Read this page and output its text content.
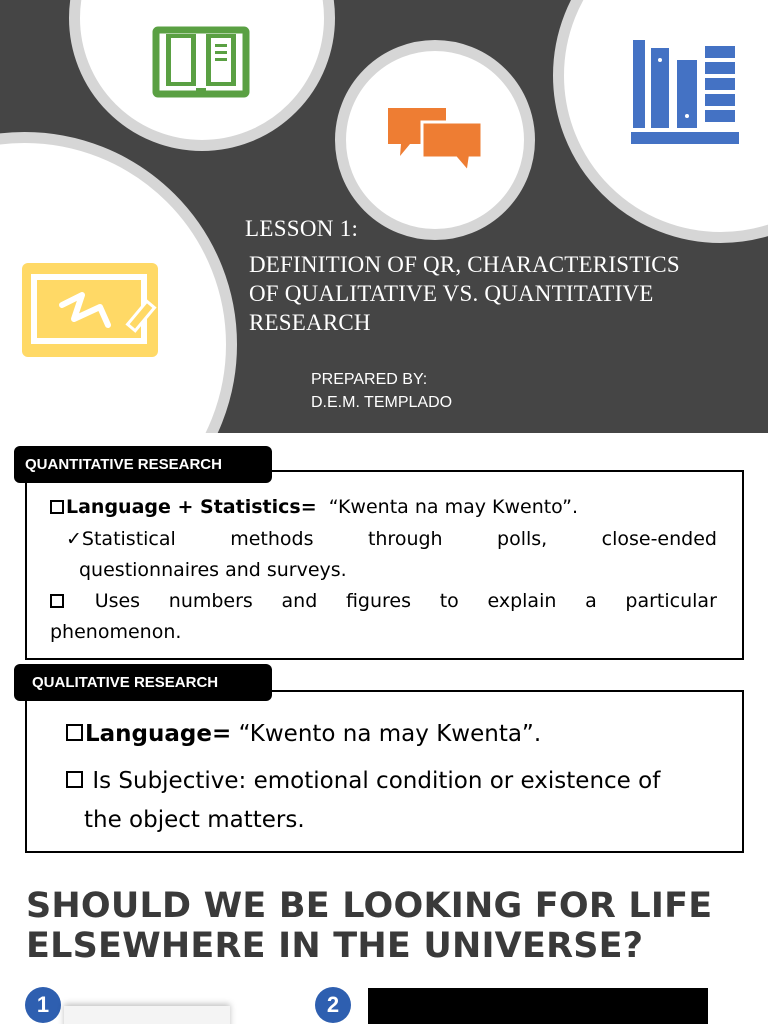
LESSON 1:
DEFINITION OF QR, CHARACTERISTICS
OF QUALITATIVE VS. QUANTITATIVE
RESEARCH
PREPARED BY:
D.E.M. TEMPLADO
QUANTITATIVE RESEARCH
Language + Statistics= “Kwenta na may Kwento”.
✓Statistical	methods	through	polls,	close-ended
questionnaires and surveys.
Uses numbers and figures to explain a particular
phenomenon.
QUALITATIVE RESEARCH
Language= “Kwento na may Kwenta”.
Is Subjective: emotional condition or existence of
the object matters.
SHOULD WE BE LOOKING FOR LIFE
ELSEWHERE IN THE UNIVERSE?
1	2
